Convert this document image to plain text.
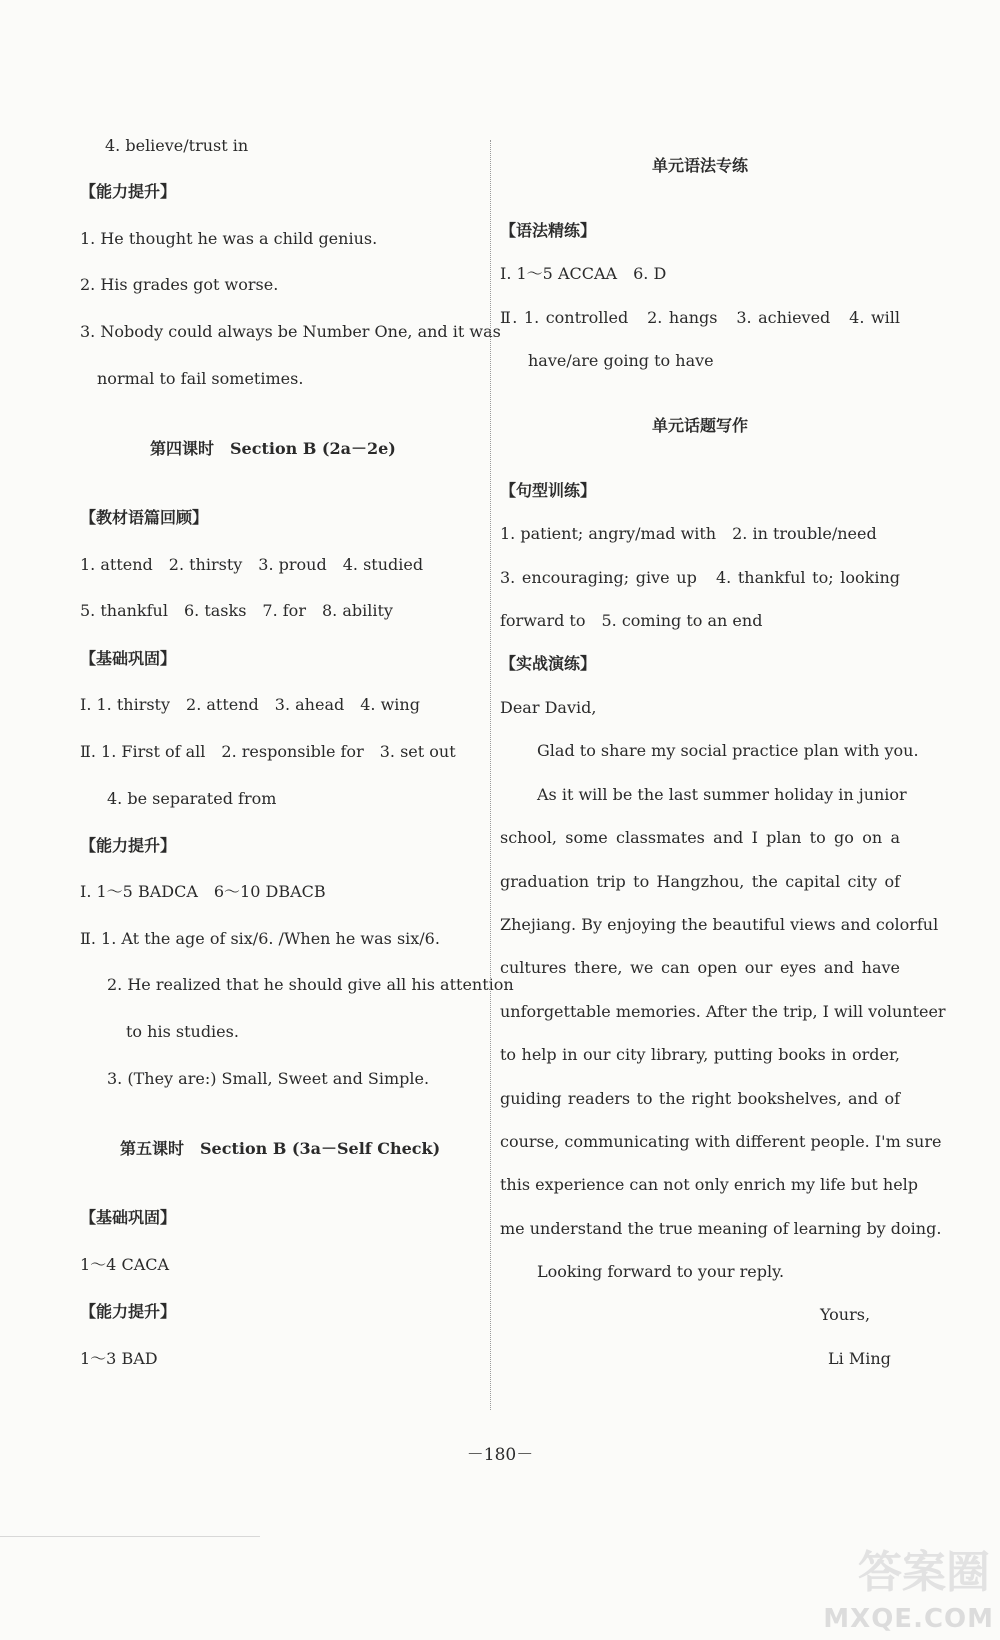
4. believe/trust in
【能力提升】
1. He thought he was a child genius.
2. His grades got worse.
3. Nobody could always be Number One, and it was
normal to fail sometimes.
第四课时　Section B (2a－2e)
【教材语篇回顾】
1. attend　2. thirsty　3. proud　4. studied
5. thankful　6. tasks　7. for　8. ability
【基础巩固】
Ⅰ. 1. thirsty　2. attend　3. ahead　4. wing
Ⅱ. 1. First of all　2. responsible for　3. set out
4. be separated from
【能力提升】
Ⅰ. 1～5 BADCA　6～10 DBACB
Ⅱ. 1. At the age of six/6. /When he was six/6.
2. He realized that he should give all his attention
to his studies.
3. (They are:) Small, Sweet and Simple.
第五课时　Section B (3a－Self Check)
【基础巩固】
1～4 CACA
【能力提升】
1～3 BAD
单元语法专练
【语法精练】
Ⅰ. 1～5 ACCAA　6. D
Ⅱ. 1. controlled　2. hangs　3. achieved　4. will
have/are going to have
单元话题写作
【句型训练】
1. patient; angry/mad with　2. in trouble/need
3. encouraging; give up　4. thankful to; looking
forward to　5. coming to an end
【实战演练】
Dear David,
Glad to share my social practice plan with you.
As it will be the last summer holiday in junior
school, some classmates and I plan to go on a
graduation trip to Hangzhou, the capital city of
Zhejiang. By enjoying the beautiful views and colorful
cultures there, we can open our eyes and have
unforgettable memories. After the trip, I will volunteer
to help in our city library, putting books in order,
guiding readers to the right bookshelves, and of
course, communicating with different people. I'm sure
this experience can not only enrich my life but help
me understand the true meaning of learning by doing.
Looking forward to your reply.
Yours,
Li Ming
－180－
答案圈
MXQE.COM
